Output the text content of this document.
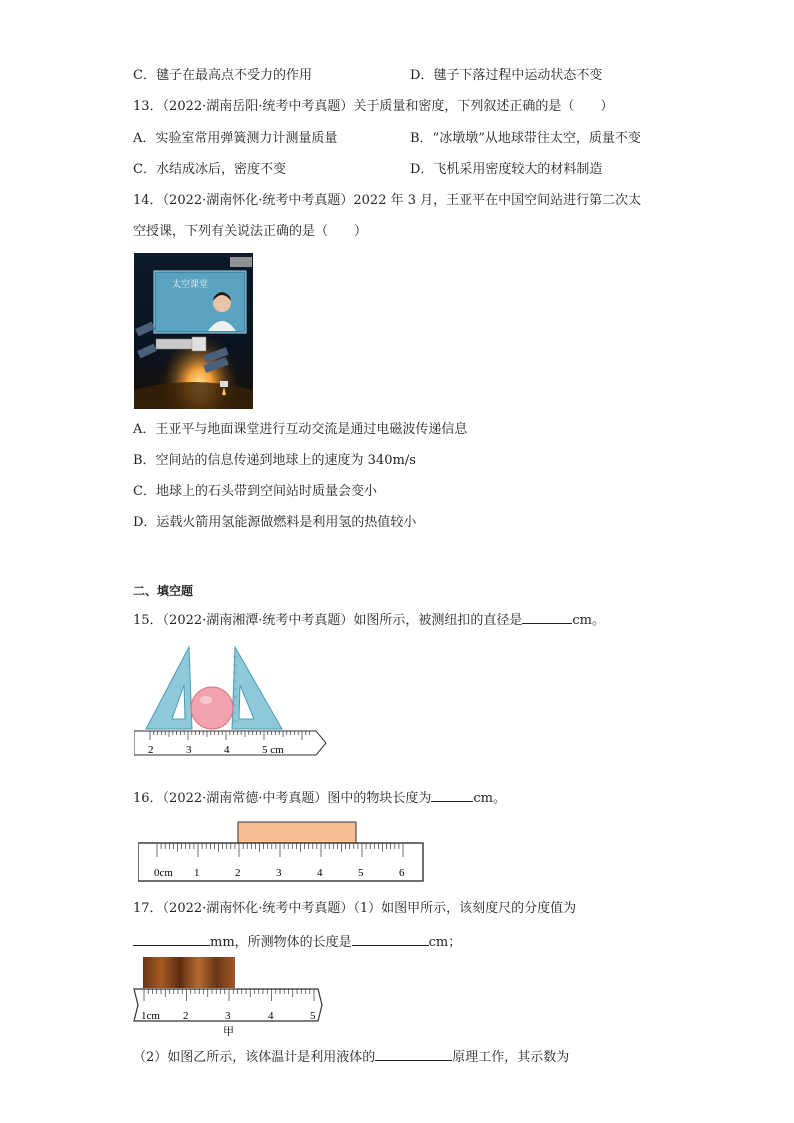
C．毽子在最高点不受力的作用	D．毽子下落过程中运动状态不变
13．（2022·湖南岳阳·统考中考真题）关于质量和密度，下列叙述正确的是（　　）
A．实验室常用弹簧测力计测量质量	B．“冰墩墩”从地球带往太空，质量不变
C．水结成冰后，密度不变	D．飞机采用密度较大的材料制造
14．（2022·湖南怀化·统考中考真题）2022 年 3 月，王亚平在中国空间站进行第二次太
空授课，下列有关说法正确的是（　　）
太空课堂
A．王亚平与地面课堂进行互动交流是通过电磁波传递信息
B．空间站的信息传递到地球上的速度为 340m/s
C．地球上的石头带到空间站时质量会变小
D．运载火箭用氢能源做燃料是利用氢的热值较小
二、填空题
15．（2022·湖南湘潭·统考中考真题）如图所示，被测纽扣的直径是	cm。
2	3	4	5 cm
16．（2022·湖南常德·中考真题）图中的物块长度为	cm。
0cm 1	2	3	4	5	6
17．（2022·湖南怀化·统考中考真题）（1）如图甲所示，该刻度尺的分度值为
mm，所测物体的长度是	cm；
1cm 2	3	4	5
甲
（2）如图乙所示，该体温计是利用液体的	原理工作，其示数为
